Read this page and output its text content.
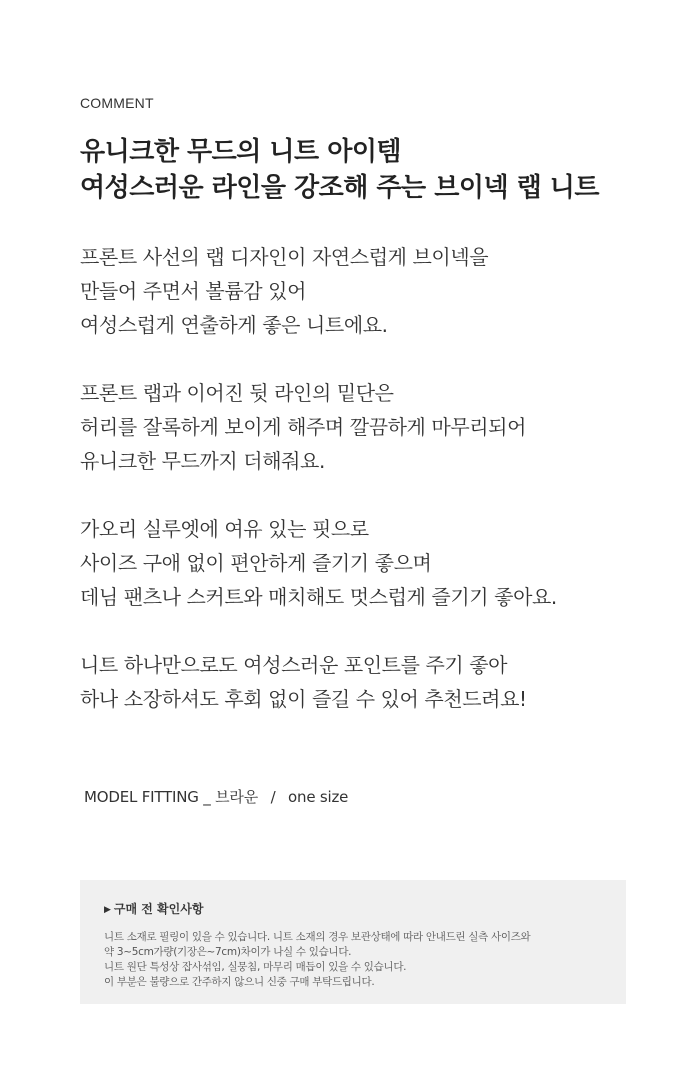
COMMENT
유니크한 무드의 니트 아이템
여성스러운 라인을 강조해 주는 브이넥 랩 니트
프론트 사선의 랩 디자인이 자연스럽게 브이넥을
만들어 주면서 볼륨감 있어
여성스럽게 연출하게 좋은 니트에요.
프론트 랩과 이어진 뒷 라인의 밑단은
허리를 잘록하게 보이게 해주며 깔끔하게 마무리되어
유니크한 무드까지 더해줘요.
가오리 실루엣에 여유 있는 핏으로
사이즈 구애 없이 편안하게 즐기기 좋으며
데님 팬츠나 스커트와 매치해도 멋스럽게 즐기기 좋아요.
니트 하나만으로도 여성스러운 포인트를 주기 좋아
하나 소장하셔도 후회 없이 즐길 수 있어 추천드려요!
MODEL FITTING _ 브라운 / one size
▶ 구매 전 확인사항
니트 소재로 필링이 있을 수 있습니다. 니트 소재의 경우 보관상태에 따라 안내드린 실측 사이즈와
약 3~5cm가량(기장은~7cm)차이가 나실 수 있습니다.
니트 원단 특성상 잡사섞임, 실뭉침, 마무리 매듭이 있을 수 있습니다.
이 부분은 불량으로 간주하지 않으니 신중 구매 부탁드립니다.
